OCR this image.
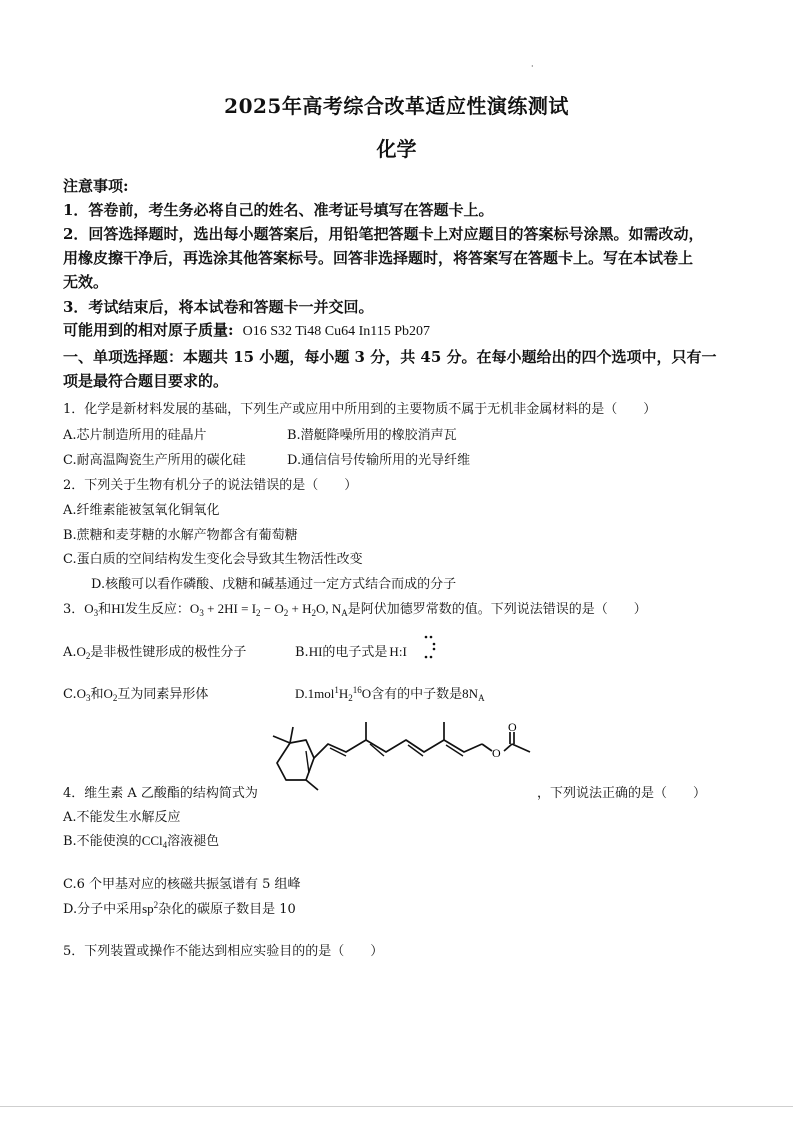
·
2025年高考综合改革适应性演练测试
化学
注意事项:
1．答卷前，考生务必将自己的姓名、准考证号填写在答题卡上。
2．回答选择题时，选出每小题答案后，用铅笔把答题卡上对应题目的答案标号涂黑。如需改动，
用橡皮擦干净后，再选涂其他答案标号。回答非选择题时，将答案写在答题卡上。写在本试卷上
无效。
3．考试结束后，将本试卷和答题卡一并交回。
可能用到的相对原子质量: O16 S32 Ti48 Cu64 In115 Pb207
一、单项选择题：本题共 15 小题，每小题 3 分，共 45 分。在每小题给出的四个选项中，只有一
项是最符合题目要求的。
1．化学是新材料发展的基础，下列生产或应用中所用到的主要物质不属于无机非金属材料的是（　　）
A.芯片制造所用的硅晶片	B.潜艇降噪所用的橡胶消声瓦
C.耐高温陶瓷生产所用的碳化硅	D.通信信号传输所用的光导纤维
2．下列关于生物有机分子的说法错误的是（　　）
A.纤维素能被氢氧化铜氧化
B.蔗糖和麦芽糖的水解产物都含有葡萄糖
C.蛋白质的空间结构发生变化会导致其生物活性改变
D.核酸可以看作磷酸、戊糖和碱基通过一定方式结合而成的分子
3．$O_3$和HI发生反应：$O_3 + 2HI = I_2 - O_2 + H_2O$, $N_A$是阿伏加德罗常数的值。下列说法错误的是（　　）
$A.O_2$是非极性键形成的极性分子	B.HI的电子式是 H:I
$C.O_3$和$O_2$互为同素异形体	$D.1mol^1H_2^{16}O$含有的中子数是$8N_A$
O
O
4．维生素 A 乙酸酯的结构简式为	，下列说法正确的是（　　）
A.不能发生水解反应
B.不能使溴的CCl$_4$溶液褪色
C.6 个甲基对应的核磁共振氢谱有 5 组峰
D.分子中采用$sp^2$杂化的碳原子数目是 10
5．下列装置或操作不能达到相应实验目的的是（　　）
